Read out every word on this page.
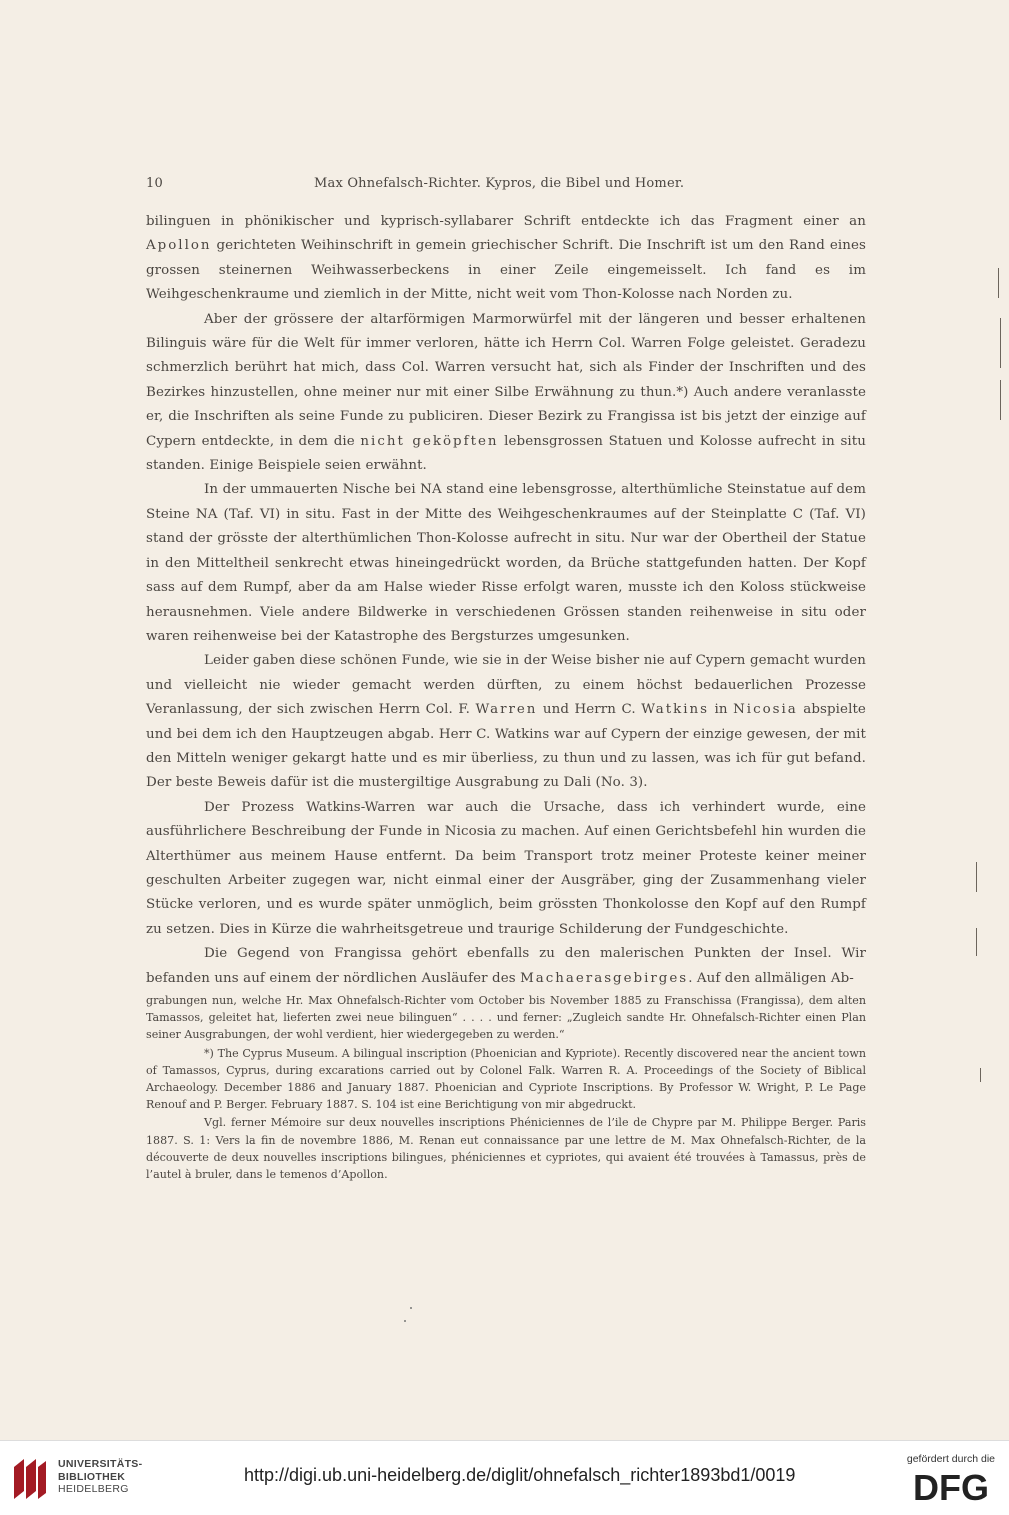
10	Max Ohnefalsch-Richter. Kypros, die Bibel und Homer.

bilinguen in phönikischer und kyprisch-syllabarer Schrift entdeckte ich das Fragment einer an Apollon gerichteten Weihinschrift in gemein griechischer Schrift. Die Inschrift ist um den Rand eines grossen steinernen Weihwasserbeckens in einer Zeile eingemeisselt. Ich fand es im Weihgeschenkraume und ziemlich in der Mitte, nicht weit vom Thon-Kolosse nach Norden zu.

Aber der grössere der altarförmigen Marmorwürfel mit der längeren und besser erhaltenen Bilinguis wäre für die Welt für immer verloren, hätte ich Herrn Col. Warren Folge geleistet. Geradezu schmerzlich berührt hat mich, dass Col. Warren versucht hat, sich als Finder der Inschriften und des Bezirkes hinzustellen, ohne meiner nur mit einer Silbe Erwähnung zu thun.*) Auch andere veranlasste er, die Inschriften als seine Funde zu publiciren. Dieser Bezirk zu Frangissa ist bis jetzt der einzige auf Cypern entdeckte, in dem die nicht geköpften lebensgrossen Statuen und Kolosse aufrecht in situ standen. Einige Beispiele seien erwähnt.

In der ummauerten Nische bei NA stand eine lebensgrosse, alterthümliche Steinstatue auf dem Steine NA (Taf. VI) in situ. Fast in der Mitte des Weihgeschenkraumes auf der Steinplatte C (Taf. VI) stand der grösste der alterthümlichen Thon-Kolosse aufrecht in situ. Nur war der Obertheil der Statue in den Mitteltheil senkrecht etwas hineingedrückt worden, da Brüche stattgefunden hatten. Der Kopf sass auf dem Rumpf, aber da am Halse wieder Risse erfolgt waren, musste ich den Koloss stückweise herausnehmen. Viele andere Bildwerke in verschiedenen Grössen standen reihenweise in situ oder waren reihenweise bei der Katastrophe des Bergsturzes umgesunken.

Leider gaben diese schönen Funde, wie sie in der Weise bisher nie auf Cypern gemacht wurden und vielleicht nie wieder gemacht werden dürften, zu einem höchst bedauerlichen Prozesse Veranlassung, der sich zwischen Herrn Col. F. Warren und Herrn C. Watkins in Nicosia abspielte und bei dem ich den Hauptzeugen abgab. Herr C. Watkins war auf Cypern der einzige gewesen, der mit den Mitteln weniger gekargt hatte und es mir überliess, zu thun und zu lassen, was ich für gut befand. Der beste Beweis dafür ist die mustergiltige Ausgrabung zu Dali (No. 3).

Der Prozess Watkins-Warren war auch die Ursache, dass ich verhindert wurde, eine ausführlichere Beschreibung der Funde in Nicosia zu machen. Auf einen Gerichtsbefehl hin wurden die Alterthümer aus meinem Hause entfernt. Da beim Transport trotz meiner Proteste keiner meiner geschulten Arbeiter zugegen war, nicht einmal einer der Ausgräber, ging der Zusammenhang vieler Stücke verloren, und es wurde später unmöglich, beim grössten Thonkolosse den Kopf auf den Rumpf zu setzen. Dies in Kürze die wahrheitsgetreue und traurige Schilderung der Fundgeschichte.

Die Gegend von Frangissa gehört ebenfalls zu den malerischen Punkten der Insel. Wir befanden uns auf einem der nördlichen Ausläufer des Machaerasgebirges. Auf den allmäligen Ab-

grabungen nun, welche Hr. Max Ohnefalsch-Richter vom October bis November 1885 zu Franschissa (Frangissa), dem alten Tamassos, geleitet hat, lieferten zwei neue bilinguen“ . . . . und ferner: „Zugleich sandte Hr. Ohnefalsch-Richter einen Plan seiner Ausgrabungen, der wohl verdient, hier wiedergegeben zu werden.“

*) The Cyprus Museum. A bilingual inscription (Phoenician and Kypriote). Recently discovered near the ancient town of Tamassos, Cyprus, during excarations carried out by Colonel Falk. Warren R. A. Proceedings of the Society of Biblical Archaeology. December 1886 and January 1887. Phoenician and Cypriote Inscriptions. By Professor W. Wright, P. Le Page Renouf and P. Berger. February 1887. S. 104 ist eine Berichtigung von mir abgedruckt.

Vgl. ferner Mémoire sur deux nouvelles inscriptions Phéniciennes de l’ile de Chypre par M. Philippe Berger. Paris 1887. S. 1: Vers la fin de novembre 1886, M. Renan eut connaissance par une lettre de M. Max Ohnefalsch-Richter, de la découverte de deux nouvelles inscriptions bilingues, phéniciennes et cypriotes, qui avaient été trouvées à Tamassus, près de l’autel à bruler, dans le temenos d’Apollon.

UNIVERSITÄTS-
BIBLIOTHEK
HEIDELBERG
http://digi.ub.uni-heidelberg.de/diglit/ohnefalsch_richter1893bd1/0019
gefördert durch die
DFG
